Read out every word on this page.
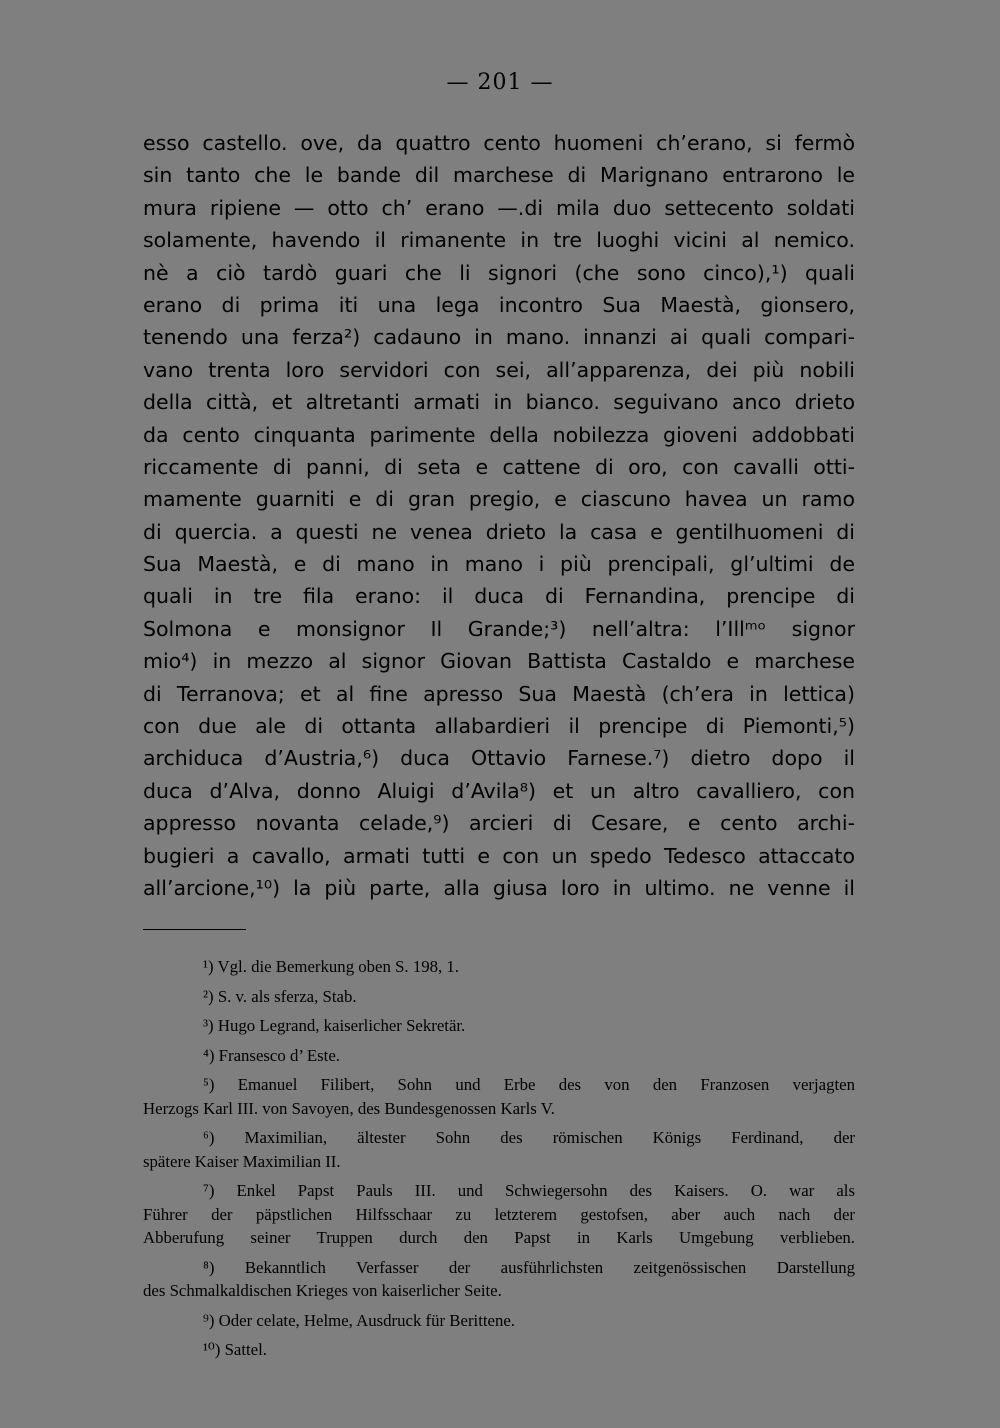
— 201 —
esso castello. ove, da quattro cento huomeni ch’erano, si fermò
sin tanto che le bande dil marchese di Marignano entrarono le
mura ripiene — otto ch’ erano —.di mila duo settecento soldati
solamente, havendo il rimanente in tre luoghi vicini al nemico.
nè a ciò tardò guari che li signori (che sono cinco),¹) quali
erano di prima iti una lega incontro Sua Maestà, gionsero,
tenendo una ferza²) cadauno in mano. innanzi ai quali compari-
vano trenta loro servidori con sei, all’apparenza, dei più nobili
della città, et altretanti armati in bianco. seguivano anco drieto
da cento cinquanta parimente della nobilezza gioveni addobbati
riccamente di panni, di seta e cattene di oro, con cavalli otti-
mamente guarniti e di gran pregio, e ciascuno havea un ramo
di quercia. a questi ne venea drieto la casa e gentilhuomeni di
Sua Maestà, e di mano in mano i più prencipali, gl’ultimi de
quali in tre fila erano: il duca di Fernandina, prencipe di
Solmona e monsignor Il Grande;³) nell’altra: l’Illᵐᵒ signor
mio⁴) in mezzo al signor Giovan Battista Castaldo e marchese
di Terranova; et al fine apresso Sua Maestà (ch’era in lettica)
con due ale di ottanta allabardieri il prencipe di Piemonti,⁵)
archiduca d’Austria,⁶) duca Ottavio Farnese.⁷) dietro dopo il
duca d’Alva, donno Aluigi d’Avila⁸) et un altro cavalliero, con
appresso novanta celade,⁹) arcieri di Cesare, e cento archi-
bugieri a cavallo, armati tutti e con un spedo Tedesco attaccato
all’arcione,¹⁰) la più parte, alla giusa loro in ultimo. ne venne il
¹) Vgl. die Bemerkung oben S. 198, 1.
²) S. v. als sferza, Stab.
³) Hugo Legrand, kaiserlicher Sekretär.
⁴) Fransesco d’ Este.
⁵) Emanuel Filibert, Sohn und Erbe des von den Franzosen verjagten
Herzogs Karl III. von Savoyen, des Bundesgenossen Karls V.
⁶) Maximilian, ältester Sohn des römischen Königs Ferdinand, der
spätere Kaiser Maximilian II.
⁷) Enkel Papst Pauls III. und Schwiegersohn des Kaisers. O. war als
Führer der päpstlichen Hilfsschaar zu letzterem gestofsen, aber auch nach der
Abberufung seiner Truppen durch den Papst in Karls Umgebung verblieben.
⁸) Bekanntlich Verfasser der ausführlichsten zeitgenössischen Darstellung
des Schmalkaldischen Krieges von kaiserlicher Seite.
⁹) Oder celate, Helme, Ausdruck für Berittene.
¹⁰) Sattel.
